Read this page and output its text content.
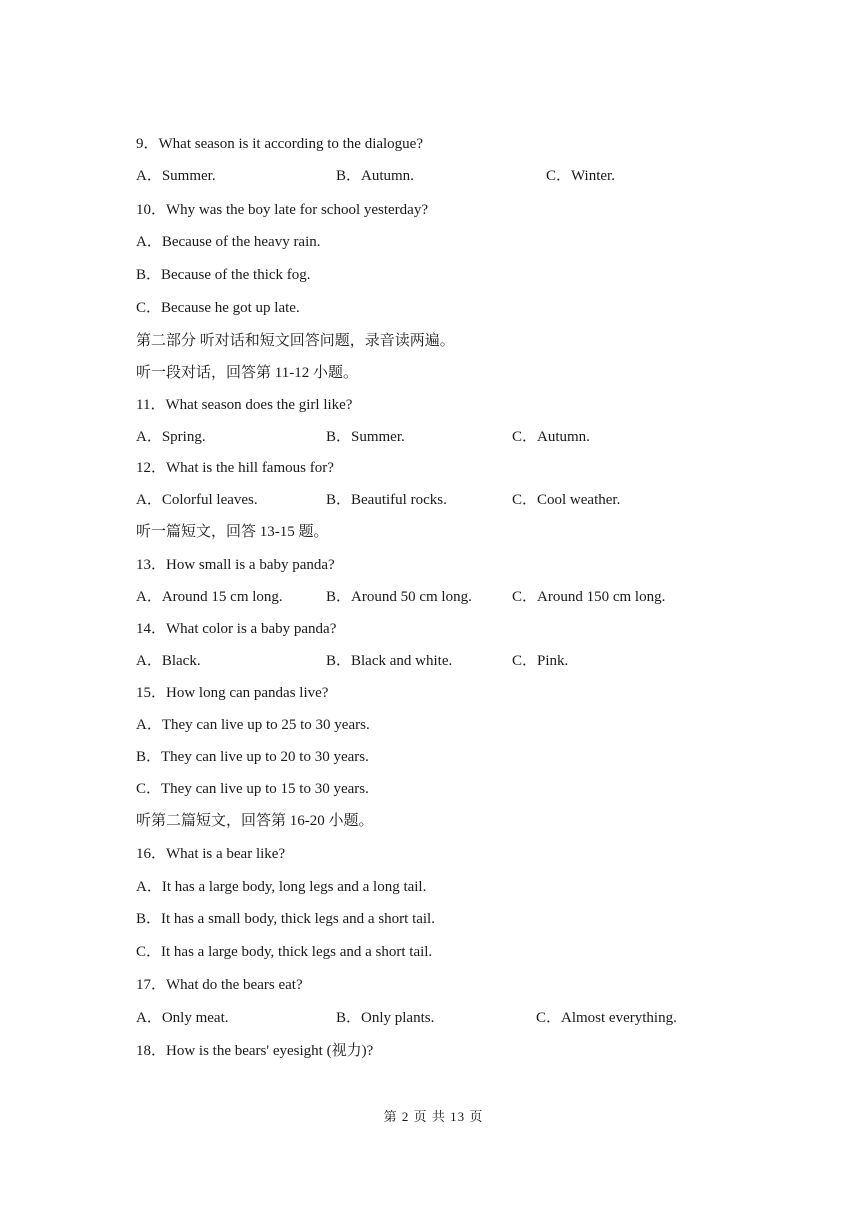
9．What season is it according to the dialogue?
A．Summer.	B．Autumn.	C．Winter.
10．Why was the boy late for school yesterday?
A．Because of the heavy rain.
B．Because of the thick fog.
C．Because he got up late.
第二部分 听对话和短文回答问题，录音读两遍。
听一段对话，回答第 11-12 小题。
11．What season does the girl like?
A．Spring.	B．Summer.	C．Autumn.
12．What is the hill famous for?
A．Colorful leaves.	B．Beautiful rocks.	C．Cool weather.
听一篇短文，回答 13-15 题。
13．How small is a baby panda?
A．Around 15 cm long.	B．Around 50 cm long.	C．Around 150 cm long.
14．What color is a baby panda?
A．Black.	B．Black and white.	C．Pink.
15．How long can pandas live?
A．They can live up to 25 to 30 years.
B．They can live up to 20 to 30 years.
C．They can live up to 15 to 30 years.
听第二篇短文，回答第 16-20 小题。
16．What is a bear like?
A．It has a large body, long legs and a long tail.
B．It has a small body, thick legs and a short tail.
C．It has a large body, thick legs and a short tail.
17．What do the bears eat?
A．Only meat.	B．Only plants.	C．Almost everything.
18．How is the bears' eyesight (视力)?
第 2 页 共 13 页
